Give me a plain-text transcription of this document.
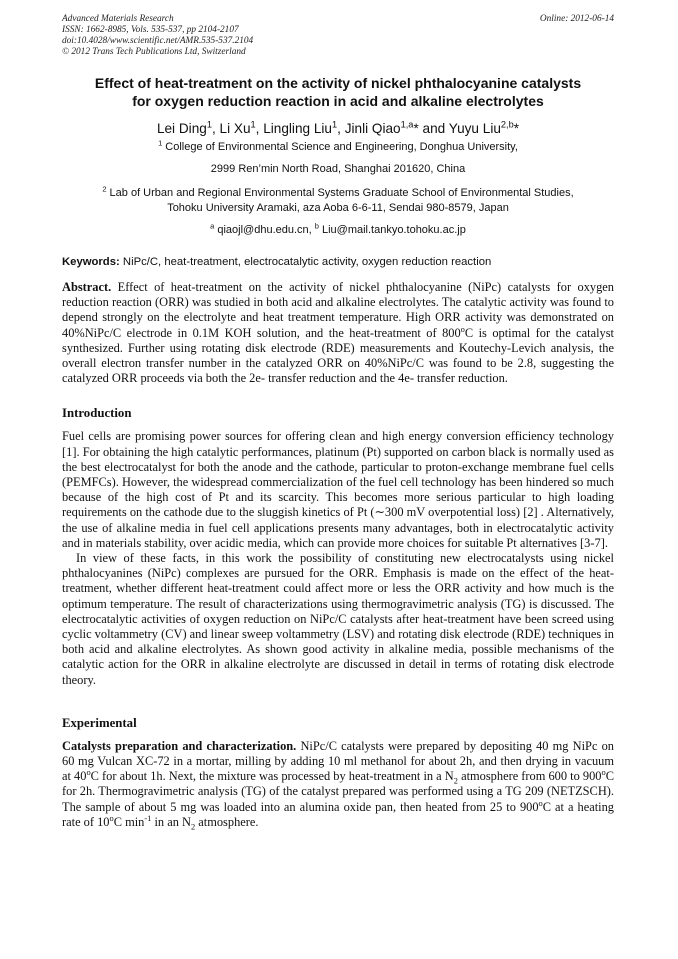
Advanced Materials Research
ISSN: 1662-8985, Vols. 535-537, pp 2104-2107
doi:10.4028/www.scientific.net/AMR.535-537.2104
© 2012 Trans Tech Publications Ltd, Switzerland
Online: 2012-06-14
Effect of heat-treatment on the activity of nickel phthalocyanine catalysts
for oxygen reduction reaction in acid and alkaline electrolytes
Lei Ding$^1$, Li Xu$^1$, Lingling Liu$^1$, Jinli Qiao$^{1,a}$* and Yuyu Liu$^{2,b}$*
$^1$ College of Environmental Science and Engineering, Donghua University,
2999 Ren’min North Road, Shanghai 201620, China
$^2$ Lab of Urban and Regional Environmental Systems Graduate School of Environmental Studies,
Tohoku University Aramaki, aza Aoba 6-6-11, Sendai 980-8579, Japan
$^a$ qiaojl@dhu.edu.cn, $^b$ Liu@mail.tankyo.tohoku.ac.jp
Keywords: NiPc/C, heat-treatment, electrocatalytic activity, oxygen reduction reaction
Abstract. Effect of heat-treatment on the activity of nickel phthalocyanine (NiPc) catalysts for oxygen reduction reaction (ORR) was studied in both acid and alkaline electrolytes. The catalytic activity was found to depend strongly on the electrolyte and heat treatment temperature. High ORR activity was demonstrated on 40%NiPc/C electrode in 0.1M KOH solution, and the heat-treatment of 800$^o$C is optimal for the catalyst synthesized. Further using rotating disk electrode (RDE) measurements and Koutechy-Levich analysis, the overall electron transfer number in the catalyzed ORR on 40%NiPc/C was found to be 2.8, suggesting the catalyzed ORR proceeds via both the 2e- transfer reduction and the 4e- transfer reduction.
Introduction
Fuel cells are promising power sources for offering clean and high energy conversion efficiency technology [1]. For obtaining the high catalytic performances, platinum (Pt) supported on carbon black is normally used as the best electrocatalyst for both the anode and the cathode, particular to proton-exchange membrane fuel cells (PEMFCs). However, the widespread commercialization of the fuel cell technology has been hindered so much because of the high cost of Pt and its scarcity. This becomes more serious particular to high loading requirements on the cathode due to the sluggish kinetics of Pt (∼300 mV overpotential loss) [2] . Alternatively, the use of alkaline media in fuel cell applications presents many advantages, both in electrocatalytic activity and in materials stability, over acidic media, which can provide more choices for suitable Pt alternatives [3-7].
In view of these facts, in this work the possibility of constituting new electrocatalysts using nickel phthalocyanines (NiPc) complexes are pursued for the ORR. Emphasis is made on the effect of the heat-treatment, whether different heat-treatment could affect more or less the ORR activity and how much is the optimum temperature. The result of characterizations using thermogravimetric analysis (TG) is discussed. The electrocatalytic activities of oxygen reduction on NiPc/C catalysts after heat-treatment have been screed using cyclic voltammetry (CV) and linear sweep voltammetry (LSV) and rotating disk electrode (RDE) techniques in both acid and alkaline electrolytes. As shown good activity in alkaline media, possible mechanisms of the catalytic action for the ORR in alkaline electrolyte are discussed in detail in terms of rotating disk electrode theory.
Experimental
Catalysts preparation and characterization. NiPc/C catalysts were prepared by depositing 40 mg NiPc on 60 mg Vulcan XC-72 in a mortar, milling by adding 10 ml methanol for about 2h, and then drying in vacuum at 40$^o$C for about 1h. Next, the mixture was processed by heat-treatment in a $N_2$ atmosphere from 600 to 900$^o$C for 2h. Thermogravimetric analysis (TG) of the catalyst prepared was performed using a TG 209 (NETZSCH). The sample of about 5 mg was loaded into an alumina oxide pan, then heated from 25 to 900$^o$C at a heating rate of 10$^o$C $\min^{-1}$ in an $N_2$ atmosphere.
